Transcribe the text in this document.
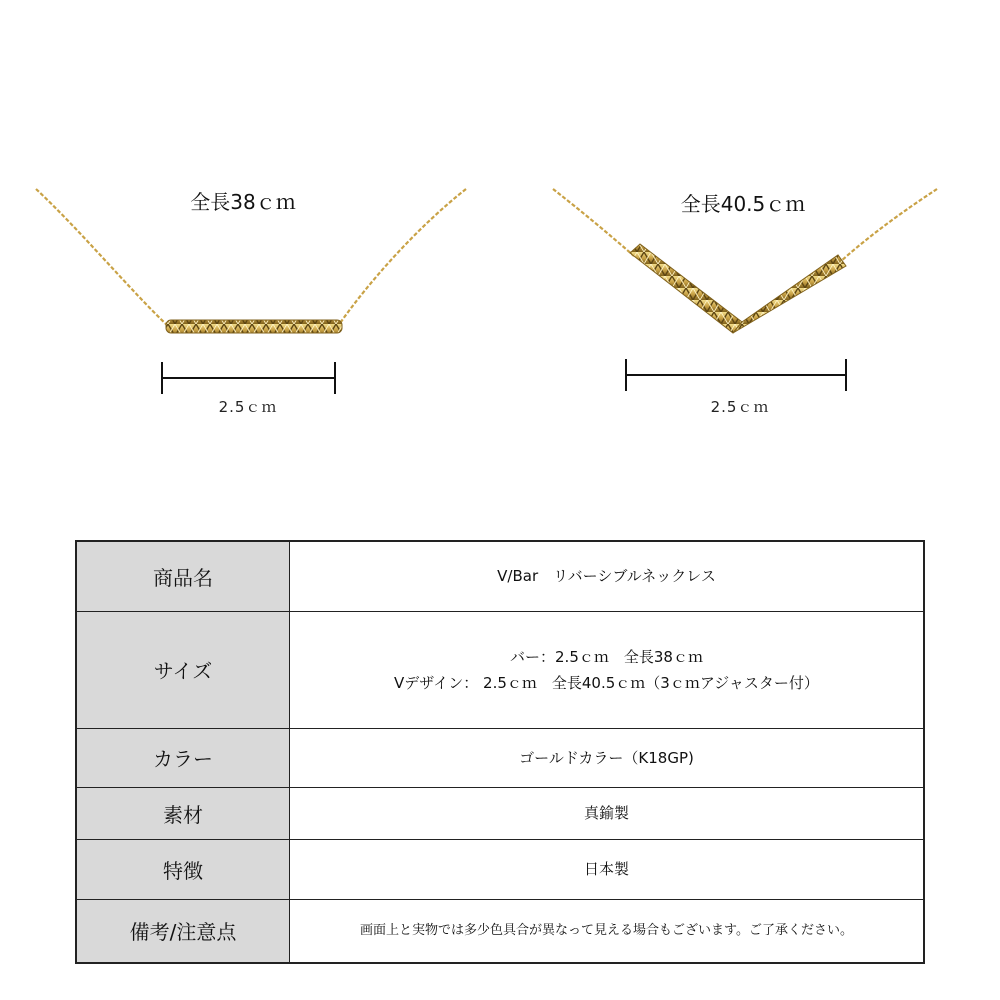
全長38ｃｍ
2.5ｃｍ
全長40.5ｃｍ
2.5ｃｍ
商品名	V/Bar　リバーシブルネックレス

サイズ	バー：2.5ｃｍ　全長38ｃｍ
Vデザイン： 2.5ｃｍ　全長40.5ｃｍ（3ｃｍアジャスター付）

カラー	ゴールドカラー（K18GP)

素材	真鍮製

特徴	日本製

備考/注意点	画面上と実物では多少色具合が異なって見える場合もございます。ご了承ください。
